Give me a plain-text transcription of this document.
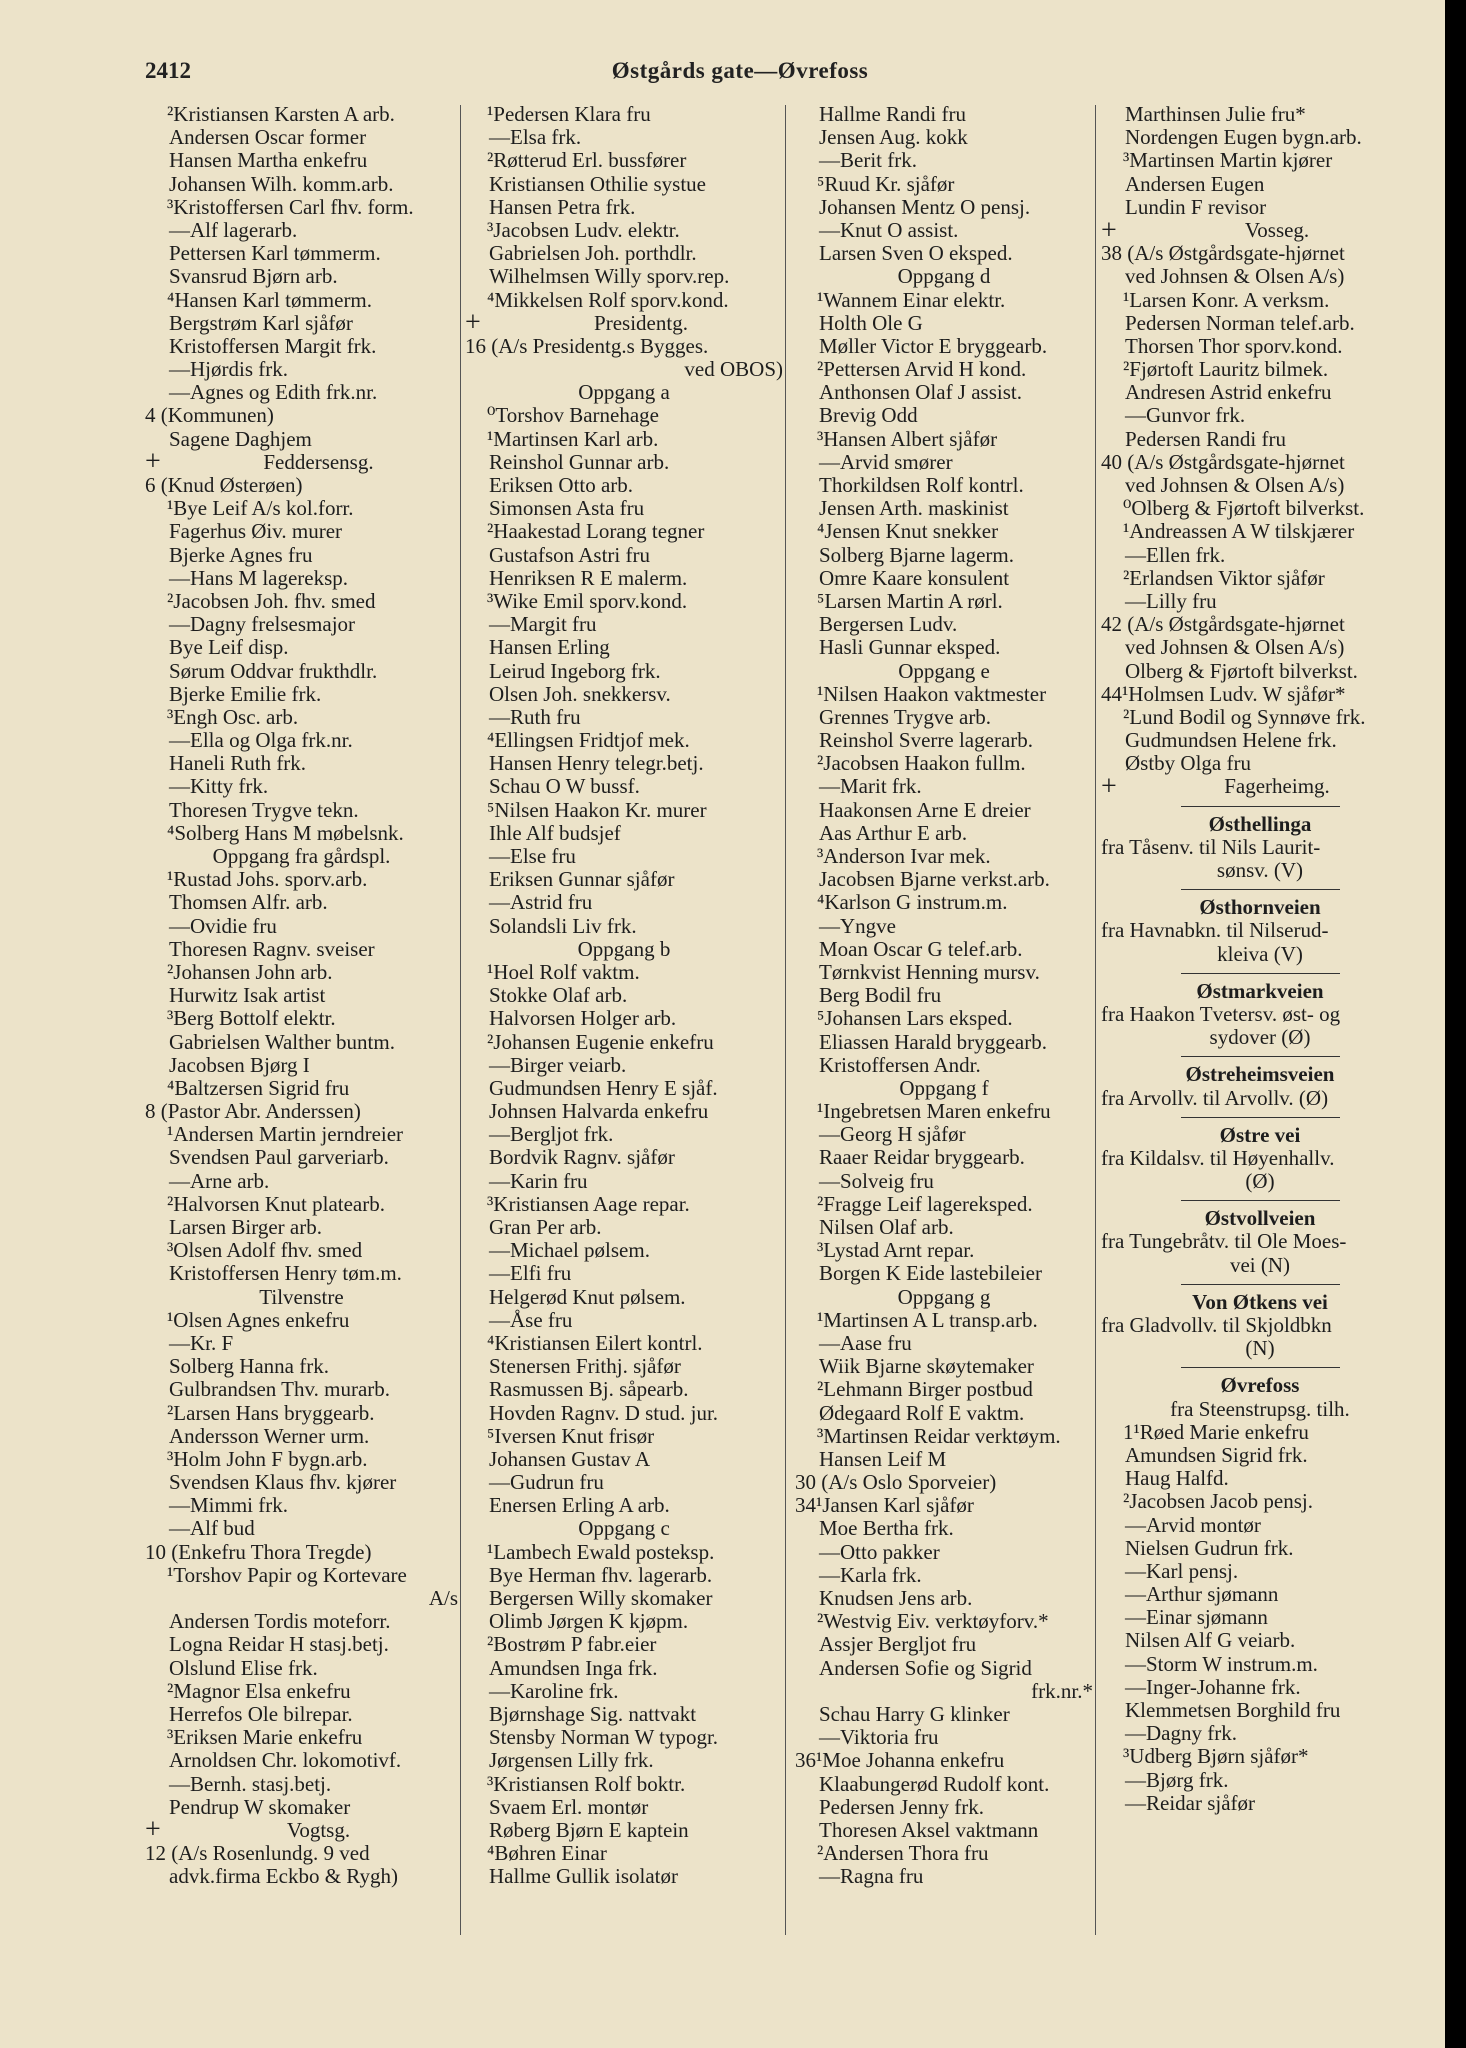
2412	Østgårds gate—Øvrefoss
²Kristiansen Karsten A arb.
Andersen Oscar former
Hansen Martha enkefru
Johansen Wilh. komm.arb.
³Kristoffersen Carl fhv. form.
—Alf lagerarb.
Pettersen Karl tømmerm.
Svansrud Bjørn arb.
⁴Hansen Karl tømmerm.
Bergstrøm Karl sjåfør
Kristoffersen Margit frk.
—Hjørdis frk.
—Agnes og Edith frk.nr.
4 (Kommunen)
Sagene Daghjem
+	Feddersensg.
6 (Knud Østerøen)
¹Bye Leif A/s kol.forr.
Fagerhus Øiv. murer
Bjerke Agnes fru
—Hans M lagereksp.
²Jacobsen Joh. fhv. smed
—Dagny frelsesmajor
Bye Leif disp.
Sørum Oddvar frukthdlr.
Bjerke Emilie frk.
³Engh Osc. arb.
—Ella og Olga frk.nr.
Haneli Ruth frk.
—Kitty frk.
Thoresen Trygve tekn.
⁴Solberg Hans M møbelsnk.
Oppgang fra gårdspl.
¹Rustad Johs. sporv.arb.
Thomsen Alfr. arb.
—Ovidie fru
Thoresen Ragnv. sveiser
²Johansen John arb.
Hurwitz Isak artist
³Berg Bottolf elektr.
Gabrielsen Walther buntm.
Jacobsen Bjørg I
⁴Baltzersen Sigrid fru
8 (Pastor Abr. Anderssen)
¹Andersen Martin jerndreier
Svendsen Paul garveriarb.
—Arne arb.
²Halvorsen Knut platearb.
Larsen Birger arb.
³Olsen Adolf fhv. smed
Kristoffersen Henry tøm.m.
Tilvenstre
¹Olsen Agnes enkefru
—Kr. F
Solberg Hanna frk.
Gulbrandsen Thv. murarb.
²Larsen Hans bryggearb.
Andersson Werner urm.
³Holm John F bygn.arb.
Svendsen Klaus fhv. kjører
—Mimmi frk.
—Alf bud
10 (Enkefru Thora Tregde)
¹Torshov Papir og Kortevare
A/s
Andersen Tordis moteforr.
Logna Reidar H stasj.betj.
Olslund Elise frk.
²Magnor Elsa enkefru
Herrefos Ole bilrepar.
³Eriksen Marie enkefru
Arnoldsen Chr. lokomotivf.
—Bernh. stasj.betj.
Pendrup W skomaker
+	Vogtsg.
12 (A/s Rosenlundg. 9 ved
advk.firma Eckbo & Rygh)
¹Pedersen Klara fru
—Elsa frk.
²Røtterud Erl. bussfører
Kristiansen Othilie systue
Hansen Petra frk.
³Jacobsen Ludv. elektr.
Gabrielsen Joh. porthdlr.
Wilhelmsen Willy sporv.rep.
⁴Mikkelsen Rolf sporv.kond.
+	Presidentg.
16 (A/s Presidentg.s Bygges.
ved OBOS)
Oppgang a
⁰Torshov Barnehage
¹Martinsen Karl arb.
Reinshol Gunnar arb.
Eriksen Otto arb.
Simonsen Asta fru
²Haakestad Lorang tegner
Gustafson Astri fru
Henriksen R E malerm.
³Wike Emil sporv.kond.
—Margit fru
Hansen Erling
Leirud Ingeborg frk.
Olsen Joh. snekkersv.
—Ruth fru
⁴Ellingsen Fridtjof mek.
Hansen Henry telegr.betj.
Schau O W bussf.
⁵Nilsen Haakon Kr. murer
Ihle Alf budsjef
—Else fru
Eriksen Gunnar sjåfør
—Astrid fru
Solandsli Liv frk.
Oppgang b
¹Hoel Rolf vaktm.
Stokke Olaf arb.
Halvorsen Holger arb.
²Johansen Eugenie enkefru
—Birger veiarb.
Gudmundsen Henry E sjåf.
Johnsen Halvarda enkefru
—Bergljot frk.
Bordvik Ragnv. sjåfør
—Karin fru
³Kristiansen Aage repar.
Gran Per arb.
—Michael pølsem.
—Elfi fru
Helgerød Knut pølsem.
—Åse fru
⁴Kristiansen Eilert kontrl.
Stenersen Frithj. sjåfør
Rasmussen Bj. såpearb.
Hovden Ragnv. D stud. jur.
⁵Iversen Knut frisør
Johansen Gustav A
—Gudrun fru
Enersen Erling A arb.
Oppgang c
¹Lambech Ewald posteksp.
Bye Herman fhv. lagerarb.
Bergersen Willy skomaker
Olimb Jørgen K kjøpm.
²Bostrøm P fabr.eier
Amundsen Inga frk.
—Karoline frk.
Bjørnshage Sig. nattvakt
Stensby Norman W typogr.
Jørgensen Lilly frk.
³Kristiansen Rolf boktr.
Svaem Erl. montør
Røberg Bjørn E kaptein
⁴Bøhren Einar
Hallme Gullik isolatør
Hallme Randi fru
Jensen Aug. kokk
—Berit frk.
⁵Ruud Kr. sjåfør
Johansen Mentz O pensj.
—Knut O assist.
Larsen Sven O eksped.
Oppgang d
¹Wannem Einar elektr.
Holth Ole G
Møller Victor E bryggearb.
²Pettersen Arvid H kond.
Anthonsen Olaf J assist.
Brevig Odd
³Hansen Albert sjåfør
—Arvid smører
Thorkildsen Rolf kontrl.
Jensen Arth. maskinist
⁴Jensen Knut snekker
Solberg Bjarne lagerm.
Omre Kaare konsulent
⁵Larsen Martin A rørl.
Bergersen Ludv.
Hasli Gunnar eksped.
Oppgang e
¹Nilsen Haakon vaktmester
Grennes Trygve arb.
Reinshol Sverre lagerarb.
²Jacobsen Haakon fullm.
—Marit frk.
Haakonsen Arne E dreier
Aas Arthur E arb.
³Anderson Ivar mek.
Jacobsen Bjarne verkst.arb.
⁴Karlson G instrum.m.
—Yngve
Moan Oscar G telef.arb.
Tørnkvist Henning mursv.
Berg Bodil fru
⁵Johansen Lars eksped.
Eliassen Harald bryggearb.
Kristoffersen Andr.
Oppgang f
¹Ingebretsen Maren enkefru
—Georg H sjåfør
Raaer Reidar bryggearb.
—Solveig fru
²Fragge Leif lagereksped.
Nilsen Olaf arb.
³Lystad Arnt repar.
Borgen K Eide lastebileier
Oppgang g
¹Martinsen A L transp.arb.
—Aase fru
Wiik Bjarne skøytemaker
²Lehmann Birger postbud
Ødegaard Rolf E vaktm.
³Martinsen Reidar verktøym.
Hansen Leif M
30 (A/s Oslo Sporveier)
34¹Jansen Karl sjåfør
Moe Bertha frk.
—Otto pakker
—Karla frk.
Knudsen Jens arb.
²Westvig Eiv. verktøyforv.*
Assjer Bergljot fru
Andersen Sofie og Sigrid
frk.nr.*
Schau Harry G klinker
—Viktoria fru
36¹Moe Johanna enkefru
Klaabungerød Rudolf kont.
Pedersen Jenny frk.
Thoresen Aksel vaktmann
²Andersen Thora fru
—Ragna fru
Marthinsen Julie fru*
Nordengen Eugen bygn.arb.
³Martinsen Martin kjører
Andersen Eugen
Lundin F revisor
+	Vosseg.
38 (A/s Østgårdsgate-hjørnet
ved Johnsen & Olsen A/s)
¹Larsen Konr. A verksm.
Pedersen Norman telef.arb.
Thorsen Thor sporv.kond.
²Fjørtoft Lauritz bilmek.
Andresen Astrid enkefru
—Gunvor frk.
Pedersen Randi fru
40 (A/s Østgårdsgate-hjørnet
ved Johnsen & Olsen A/s)
⁰Olberg & Fjørtoft bilverkst.
¹Andreassen A W tilskjærer
—Ellen frk.
²Erlandsen Viktor sjåfør
—Lilly fru
42 (A/s Østgårdsgate-hjørnet
ved Johnsen & Olsen A/s)
Olberg & Fjørtoft bilverkst.
44¹Holmsen Ludv. W sjåfør*
²Lund Bodil og Synnøve frk.
Gudmundsen Helene frk.
Østby Olga fru
+	Fagerheimg.
Østhellinga
fra Tåsenv. til Nils Laurit-
sønsv. (V)
Østhornveien
fra Havnabkn. til Nilserud-
kleiva (V)
Østmarkveien
fra Haakon Tvetersv. øst- og
sydover (Ø)
Østreheimsveien
fra Arvollv. til Arvollv. (Ø)
Østre vei
fra Kildalsv. til Høyenhallv.
(Ø)
Østvollveien
fra Tungebråtv. til Ole Moes-
vei (N)
Von Øtkens vei
fra Gladvollv. til Skjoldbkn
(N)
Øvrefoss
fra Steenstrupsg. tilh.
1¹Røed Marie enkefru
Amundsen Sigrid frk.
Haug Halfd.
²Jacobsen Jacob pensj.
—Arvid montør
Nielsen Gudrun frk.
—Karl pensj.
—Arthur sjømann
—Einar sjømann
Nilsen Alf G veiarb.
—Storm W instrum.m.
—Inger-Johanne frk.
Klemmetsen Borghild fru
—Dagny frk.
³Udberg Bjørn sjåfør*
—Bjørg frk.
—Reidar sjåfør
